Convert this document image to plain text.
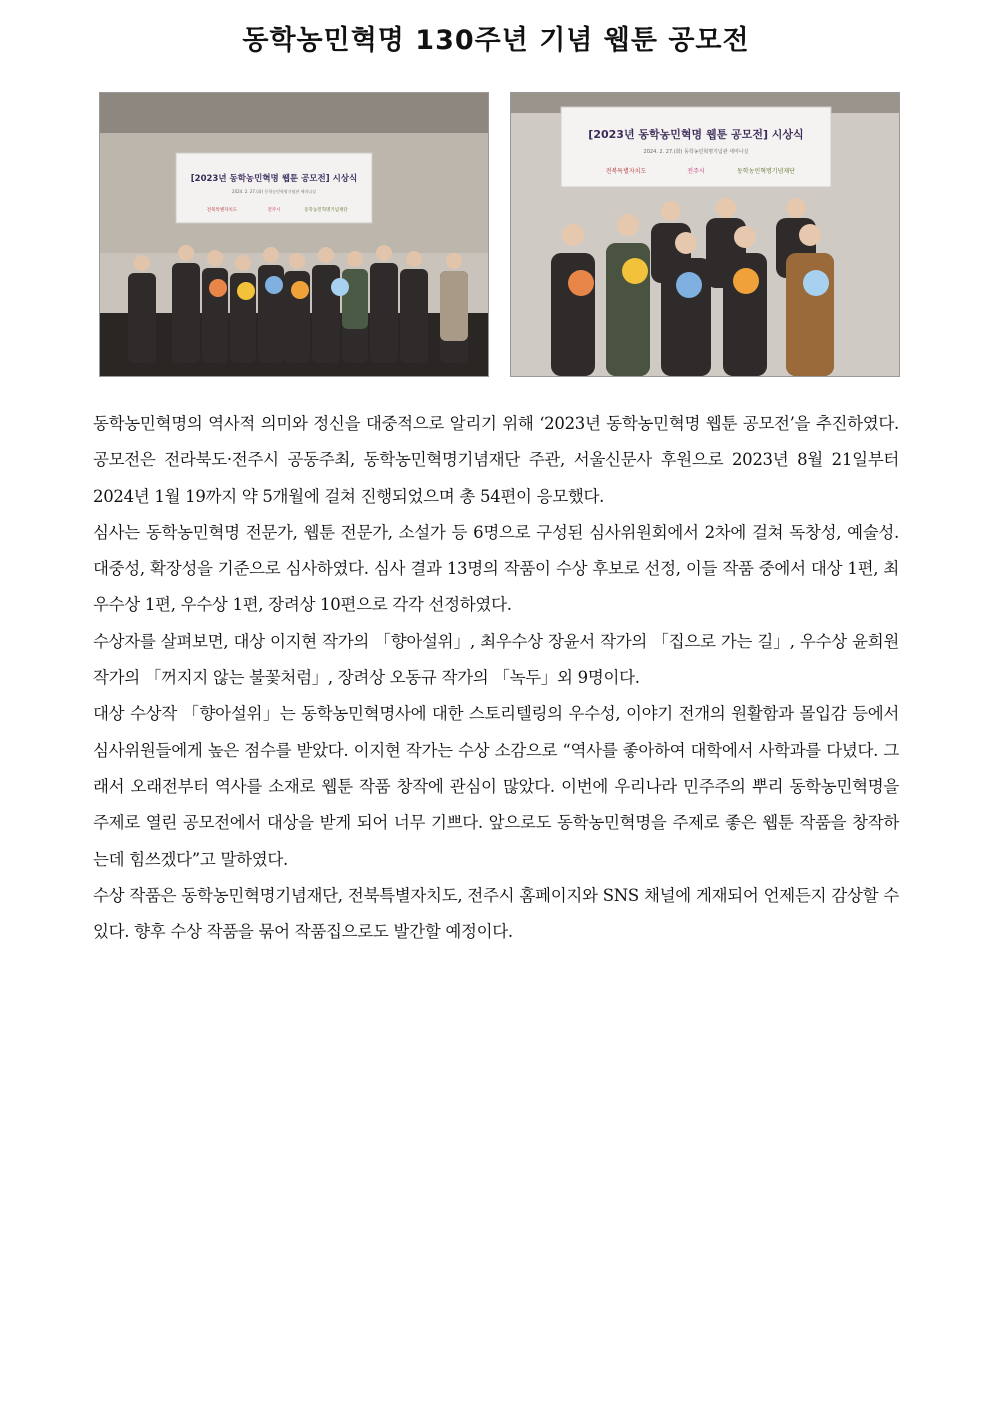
동학농민혁명 130주년 기념 웹툰 공모전
[2023년 동학농민혁명 웹툰 공모전] 시상식
2024. 2. 27.(화) 동학농민혁명기념관 세미나실
전북특별자치도	전주시	동학농민혁명기념재단
[2023년 동학농민혁명 웹툰 공모전] 시상식
2024. 2. 27.(화) 동학농민혁명기념관 세미나실
전북특별자치도	전주시	동학농민혁명기념재단

동학농민혁명의 역사적 의미와 정신을 대중적으로 알리기 위해 ‘2023년 동학농민혁명 웹툰 공모전’을 추진하였다. 공모전은 전라북도·전주시 공동주최, 동학농민혁명기념재단 주관, 서울신문사 후원으로 2023년 8월 21일부터 2024년 1월 19까지 약 5개월에 걸쳐 진행되었으며 총 54편이 응모했다.

심사는 동학농민혁명 전문가, 웹툰 전문가, 소설가 등 6명으로 구성된 심사위원회에서 2차에 걸쳐 독창성, 예술성. 대중성, 확장성을 기준으로 심사하였다. 심사 결과 13명의 작품이 수상 후보로 선정, 이들 작품 중에서 대상 1편, 최우수상 1편, 우수상 1편, 장려상 10편으로 각각 선정하였다.

수상자를 살펴보면, 대상 이지현 작가의 「향아설위」, 최우수상 장윤서 작가의 「집으로 가는 길」, 우수상 윤희원 작가의 「꺼지지 않는 불꽃처럼」, 장려상 오동규 작가의 「녹두」외 9명이다.

대상 수상작 「향아설위」는 동학농민혁명사에 대한 스토리텔링의 우수성, 이야기 전개의 원활함과 몰입감 등에서 심사위원들에게 높은 점수를 받았다. 이지현 작가는 수상 소감으로 “역사를 좋아하여 대학에서 사학과를 다녔다. 그래서 오래전부터 역사를 소재로 웹툰 작품 창작에 관심이 많았다. 이번에 우리나라 민주주의 뿌리 동학농민혁명을 주제로 열린 공모전에서 대상을 받게 되어 너무 기쁘다. 앞으로도 동학농민혁명을 주제로 좋은 웹툰 작품을 창작하는데 힘쓰겠다”고 말하였다.

수상 작품은 동학농민혁명기념재단, 전북특별자치도, 전주시 홈페이지와 SNS 채널에 게재되어 언제든지 감상할 수 있다. 향후 수상 작품을 묶어 작품집으로도 발간할 예정이다.
